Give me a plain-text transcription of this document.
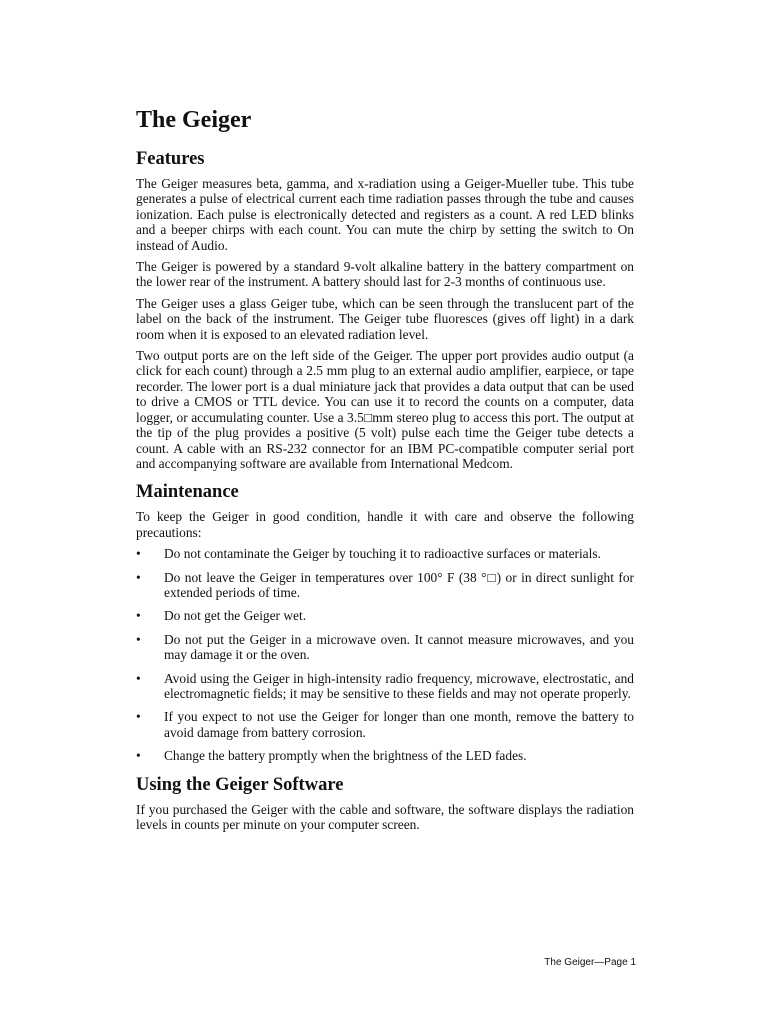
The Geiger
Features

The Geiger measures beta, gamma, and x-radiation using a Geiger-Mueller tube. This tube generates a pulse of electrical current each time radiation passes through the tube and causes ionization. Each pulse is electronically detected and registers as a count. A red LED blinks and a beeper chirps with each count. You can mute the chirp by setting the switch to On instead of Audio.

The Geiger is powered by a standard 9-volt alkaline battery in the battery compartment on the lower rear of the instrument. A battery should last for 2-3 months of continuous use.

The Geiger uses a glass Geiger tube, which can be seen through the translucent part of the label on the back of the instrument. The Geiger tube fluoresces (gives off light) in a dark room when it is exposed to an elevated radiation level.

Two output ports are on the left side of the Geiger. The upper port provides audio output (a click for each count) through a 2.5 mm plug to an external audio amplifier, earpiece, or tape recorder. The lower port is a dual miniature jack that provides a data output that can be used to drive a CMOS or TTL device. You can use it to record the counts on a computer, data logger, or accumulating counter. Use a 3.5□mm stereo plug to access this port. The output at the tip of the plug provides a positive (5 volt) pulse each time the Geiger tube detects a count. A cable with an RS-232 connector for an IBM PC-compatible computer serial port and accompanying software are available from International Medcom.

Maintenance

To keep the Geiger in good condition, handle it with care and observe the following precautions:

• Do not contaminate the Geiger by touching it to radioactive surfaces or materials.
• Do not leave the Geiger in temperatures over 100° F (38 °□) or in direct sunlight for extended periods of time.
• Do not get the Geiger wet.
• Do not put the Geiger in a microwave oven. It cannot measure microwaves, and you may damage it or the oven.
• Avoid using the Geiger in high-intensity radio frequency, microwave, electrostatic, and electromagnetic fields; it may be sensitive to these fields and may not operate properly.
• If you expect to not use the Geiger for longer than one month, remove the battery to avoid damage from battery corrosion.
• Change the battery promptly when the brightness of the LED fades.
Using the Geiger Software

If you purchased the Geiger with the cable and software, the software displays the radiation levels in counts per minute on your computer screen.

The Geiger—Page 1
